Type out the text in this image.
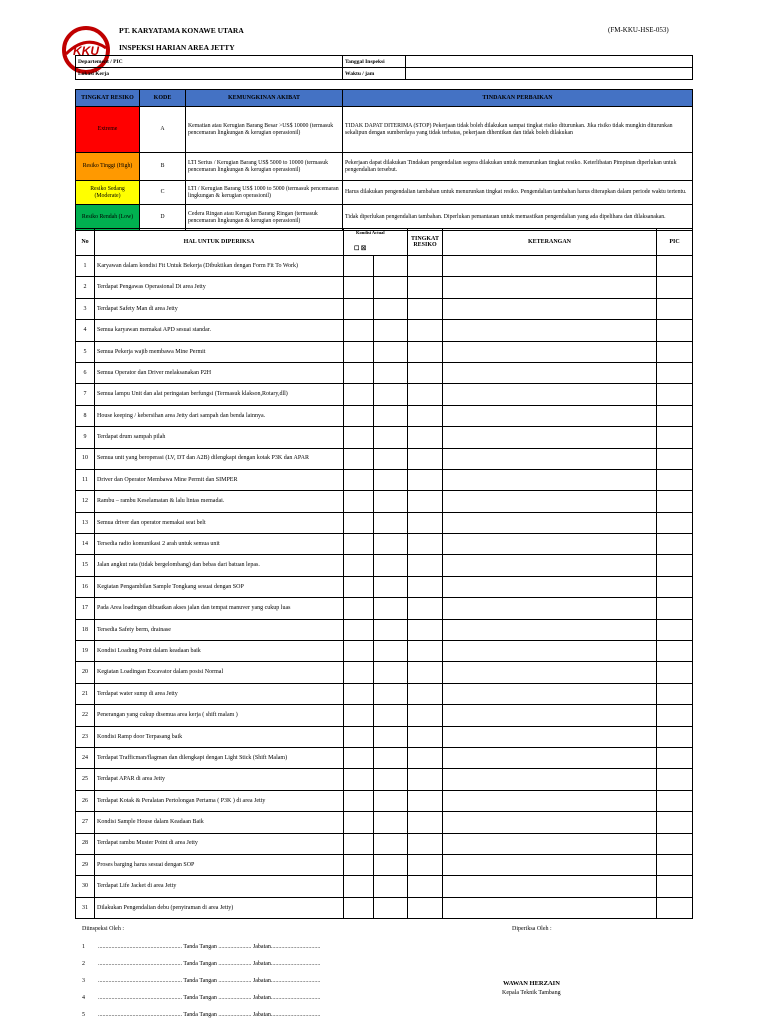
KKU
PT. KARYATAMA KONAWE UTARA	(FM-KKU-HSE-053)
INSPEKSI HARIAN AREA JETTY
Departement / PIC	Tanggal Inspeksi	
Lokasi Kerja	Waktu / jam	
TINGKAT RESIKO	KODE	KEMUNGKINAN AKIBAT	TINDAKAN PERBAIKAN
Extreme	A	Kematian atau Kerugian Barang Besar >US$ 10000 (termasuk pencemaran lingkungan & kerugian operasionil)	TIDAK DAPAT DITERIMA (STOP) Pekerjaan tidak boleh dilakukan sampai tingkat risiko diturunkan. Jika risiko tidak mungkin diturunkan sekalipun dengan sumberdaya yang tidak terbatas, pekerjaan dihentikan dan tidak boleh dilakukan
Resiko Tinggi (High)	B	LTI Serius / Kerugian Barang US$ 5000 to 10000 (termasuk pencemaran lingkungan & kerugian operasionil)	Pekerjaan dapat dilakukan Tindakan pengendalian segera dilakukan untuk menurunkan tingkat resiko. Keterlibatan Pimpinan diperlukan untuk pengendalian tersebut.
Resiko Sedang (Moderate)	C	LTI / Kerugian Barang US$ 1000 to 5000 (termasuk pencemaran lingkungan & kerugian operasionil)	Harus dilakukan pengendalian tambahan untuk menurunkan tingkat resiko. Pengendalian tambahan harus diterapkan dalam periode waktu tertentu.
Resiko Rendah (Low)	D	Cedera Ringan atau Kerugian Barang Ringan (termasuk pencemaran lingkungan & kerugian operasionil)	Tidak diperlukan pengendalian tambahan. Diperlukan pemantauan untuk memastikan pengendalian yang ada dipelihara dan dilaksanakan.
No	HAL UNTUK DIPERIKSA	Kondisi Actual
☐ ☒		TINGKAT RESIKO	KETERANGAN	PIC
1	Karyawan dalam kondisi Fit Untuk Bekerja (Dibuktikan dengan Form Fit To Work)					
2	Terdapat Pengawas Operasional Di area Jetty					
3	Terdapat Safety Man di area Jetty					
4	Semua karyawan memakai APD sesuai standar.					
5	Semua Pekerja wajib membawa Mine Permit					
6	Semua Operator dan Driver melaksanakan P2H					
7	Semua lampu Unit dan alat peringatan berfungsi (Termasuk klakson,Rotary,dll)					
8	House keeping / kebersihan area Jetty dari sampah dan benda lainnya.					
9	Terdapat drum sampah pilah					
10	Semua unit yang beroperasi (LV, DT dan A2B) dilengkapi dengan kotak P3K dan APAR					
11	Driver dan Operator Membawa Mine Permit dan SIMPER					
12	Rambu – rambu Keselamatan & lalu lintas memadai.					
13	Semua driver dan operator memakai seat belt					
14	Tersedia radio komunikasi 2 arah untuk semua unit					
15	Jalan angkut rata (tidak bergelombang) dan bebas dari batuan lepas.					
16	Kegiatan Pengambilan Sample Tongkang sesuai dengan SOP					
17	Pada Area loadingan dibuatkan akses jalan dan tempat manuver yang cukup luas					
18	Tersedia Safety berm, drainase					
19	Kondisi Loading Point dalam keadaan baik					
20	Kegiatan Loadingan Excavator dalam posisi Normal					
21	Terdapat water sump di area Jetty					
22	Penerangan yang cukup disemua area kerja ( shift malam )					
23	Kondisi Ramp door Terpasang baik					
24	Terdapat Trafficman/flagman dan dilengkapi dengan Light Stick (Shift Malam)					
25	Terdapat APAR di area Jetty					
26	Terdapat Kotak & Peralatan Pertolongan Pertama ( P3K ) di area Jetty					
27	Kondisi Sample House dalam Keadaan Baik					
28	Terdapat rambu Muster Point di area Jetty					
29	Proses barging harus sesuai dengan SOP					
30	Terdapat Life Jacket di area Jetty					
31	Dilakukan Pengendalian debu (penyiraman di area Jetty)					
Diinspeksi Oleh :	Diperiksa Oleh :
1 ........................................................ Tanda Tangan ...................... Jabatan.................................
2 ........................................................ Tanda Tangan ...................... Jabatan.................................
3 ........................................................ Tanda Tangan ...................... Jabatan.................................
4 ........................................................ Tanda Tangan ...................... Jabatan.................................
5 ........................................................ Tanda Tangan ...................... Jabatan.................................
WAWAN HERZAIN
Kepala Teknik Tambang
